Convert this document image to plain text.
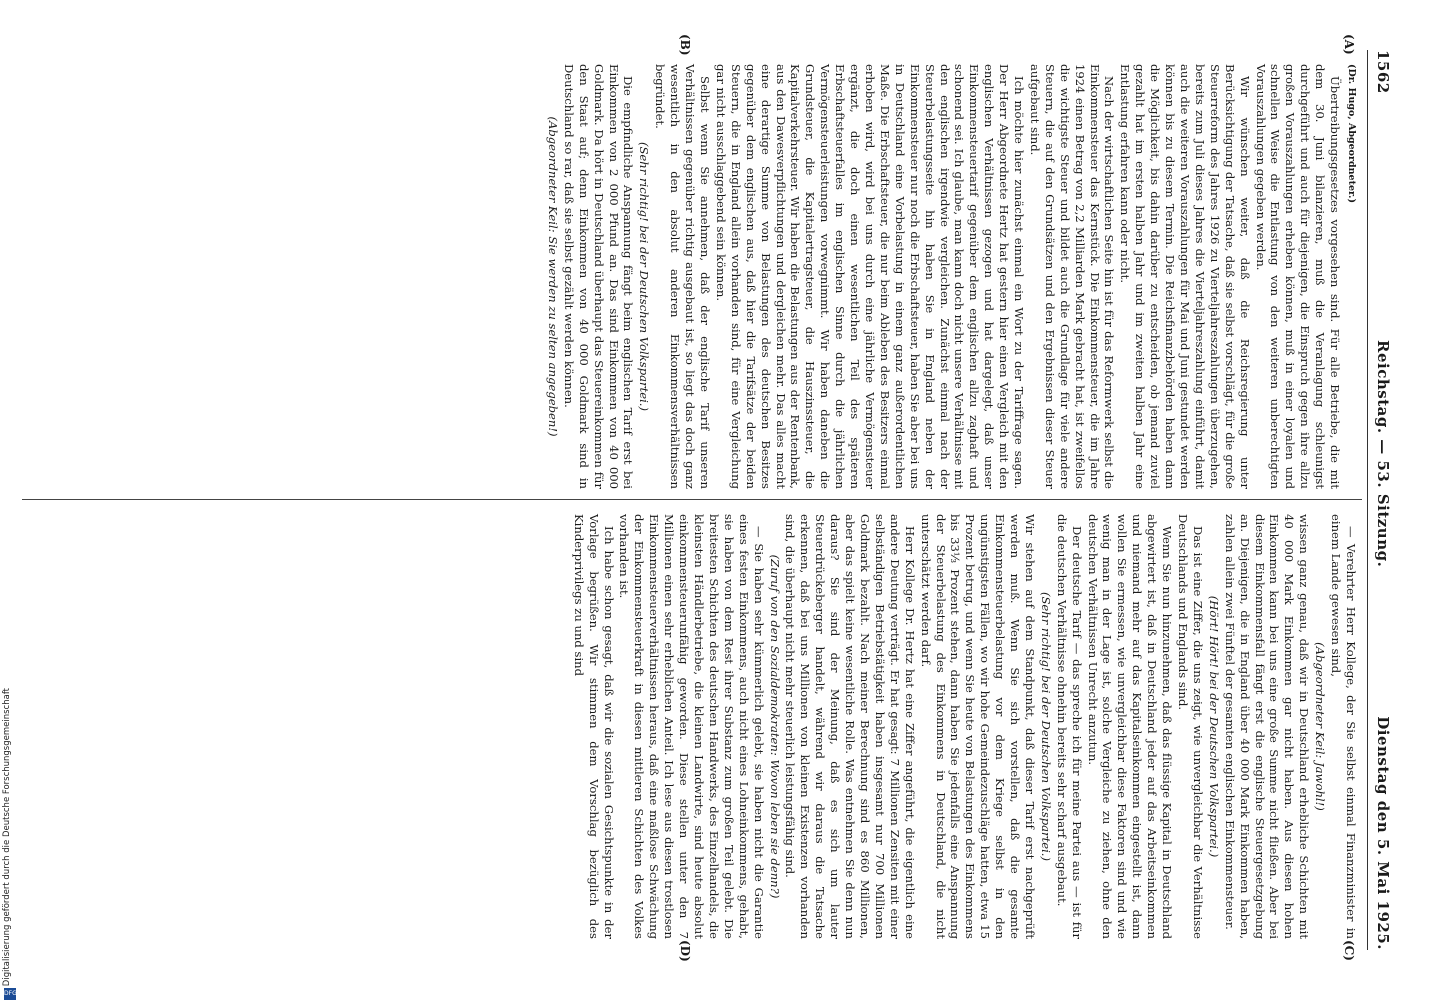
1562
Reichstag. — 53. Sitzung.
Dienstag den 5. Mai 1925.
(A)
(B)
(C)
(D)

(Dr. Hugo, Abgeordneter.)

Übertreibungsgesetzes vorgesehen sind. Für alle Betriebe, die mit dem 30. Juni bilanzieren, muß die Veranlagung schleunigst durchgeführt und auch für diejenigen, die Einspruch gegen ihre allzu großen Vorauszahlungen erheben können, muß in einer loyalen und schnellen Weise die Entlastung von den weiteren unberechtigten Vorauszahlungen gegeben werden.

Wir wünschen weiter, daß die Reichsregierung unter Berücksichtigung der Tatsache, daß sie selbst vorschlägt, für die große Steuerreform des Jahres 1926 zu Vierteljahreszahlungen überzugehen, bereits zum Juli dieses Jahres die Vierteljahreszahlung einführt, damit auch die weiteren Vorauszahlungen für Mai und Juni gestundet werden können bis zu diesem Termin. Die Reichsfinanzbehörden haben dann die Möglichkeit, bis dahin darüber zu entscheiden, ob jemand zuviel gezahlt hat im ersten halben Jahr und im zweiten halben Jahr eine Entlastung erfahren kann oder nicht.

Nach der wirtschaftlichen Seite hin ist für das Reformwerk selbst die Einkommensteuer das Kernstück. Die Einkommensteuer, die im Jahre 1924 einen Betrag von 2,2 Milliarden Mark gebracht hat, ist zweifellos die wichtigste Steuer und bildet auch die Grundlage für viele andere Steuern, die auf den Grundsätzen und den Ergebnissen dieser Steuer aufgebaut sind.

Ich möchte hier zunächst einmal ein Wort zu der Tariffrage sagen. Der Herr Abgeordnete Hertz hat gestern hier einen Vergleich mit den englischen Verhältnissen gezogen und hat dargelegt, daß unser Einkommensteuertarif gegenüber dem englischen allzu zaghaft und schonend sei. Ich glaube, man kann doch nicht unsere Verhältnisse mit den englischen irgendwie vergleichen. Zunächst einmal nach der Steuerbelastungsseite hin haben Sie in England neben der Einkommensteuer nur noch die Erbschaftsteuer, haben Sie aber bei uns in Deutschland eine Vorbelastung in einem ganz außerordentlichen Maße. Die Erbschaftsteuer, die nur beim Ableben des Besitzers einmal erhoben wird, wird bei uns durch eine jährliche Vermögensteuer ergänzt, die doch einen wesentlichen Teil des späteren Erbschaftsteuerfalles im englischen Sinne durch die jährlichen Vermögensteuerleistungen vorwegnimmt. Wir haben daneben die Grundsteuer, die Kapitalertragsteuer, die Hauszinssteuer, die Kapitalverkehrsteuer. Wir haben die Belastungen aus der Rentenbank, aus den Dawesverpflichtungen und dergleichen mehr. Das alles macht eine derartige Summe von Belastungen des deutschen Besitzes gegenüber dem englischen aus, daß hier die Tarifsätze der beiden Steuern, die in England allein vorhanden sind, für eine Vergleichung gar nicht ausschlaggebend sein können.

Selbst wenn Sie annehmen, daß der englische Tarif unseren Verhältnissen gegenüber richtig ausgebaut ist, so liegt das doch ganz wesentlich in den absolut anderen Einkommensverhältnissen begründet.

(Sehr richtig! bei der Deutschen Volkspartei.)

Die empfindliche Anspannung fängt beim englischen Tarif erst bei Einkommen von 2 000 Pfund an. Das sind Einkommen von 40 000 Goldmark. Da hört in Deutschland überhaupt das Steuereinkommen für den Staat auf; denn Einkommen von 40 000 Goldmark sind in Deutschland so rar, daß sie selbst gezählt werden können.

(Abgeordneter Keil: Sie werden zu selten angegeben!)

— Verehrter Herr Kollege, der Sie selbst einmal Finanzminister in einem Lande gewesen sind,

(Abgeordneter Keil: Jawohl!)

wissen ganz genau, daß wir in Deutschland erhebliche Schichten mit 40 000 Mark Einkommen gar nicht haben. Aus diesen hohen Einkommen kann bei uns eine große Summe nicht fließen. Aber bei diesem Einkommensfall fängt erst die englische Steuergesetzgebung an. Diejenigen, die in England über 40 000 Mark Einkommen haben, zahlen allein zwei Fünftel der gesamten englischen Einkommensteuer.

(Hört! Hört! bei der Deutschen Volkspartei.)

Das ist eine Ziffer, die uns zeigt, wie unvergleichbar die Verhältnisse Deutschlands und Englands sind.

Wenn Sie nun hinzunehmen, daß das flüssige Kapital in Deutschland abgewirtert ist, daß in Deutschland jeder auf das Arbeitseinkommen und niemand mehr auf das Kapitalseinkommen eingestellt ist, dann wollen Sie ermessen, wie unvergleichbar diese Faktoren sind und wie wenig man in der Lage ist, solche Vergleiche zu ziehen, ohne den deutschen Verhältnissen Unrecht anzutun.

Der deutsche Tarif — das spreche ich für meine Partei aus — ist für die deutschen Verhältnisse ohnehin bereits sehr scharf ausgebaut.

(Sehr richtig! bei der Deutschen Volkspartei.)

Wir stehen auf dem Standpunkt, daß dieser Tarif erst nachgeprüft werden muß. Wenn Sie sich vorstellen, daß die gesamte Einkommensteuerbelastung vor dem Kriege selbst in den ungünstigsten Fällen, wo wir hohe Gemeindezuschläge hatten, etwa 15 Prozent betrug, und wenn Sie heute von Belastungen des Einkommens bis 33⅓ Prozent stehen, dann haben Sie jedenfalls eine Anspannung der Steuerbelastung des Einkommens in Deutschland, die nicht unterschätzt werden darf.

Herr Kollege Dr. Hertz hat eine Ziffer angeführt, die eigentlich eine andere Deutung verträgt. Er hat gesagt: 7 Millionen Zensiten mit einer selbständigen Betriebstätigkeit haben insgesamt nur 700 Millionen Goldmark bezahlt. Nach meiner Berechnung sind es 860 Millionen, aber das spielt keine wesentliche Rolle. Was entnehmen Sie denn nun daraus? Sie sind der Meinung, daß es sich um lauter Steuerdrückeberger handelt, während wir daraus die Tatsache erkennen, daß bei uns Millionen von kleinen Existenzen vorhanden sind, die überhaupt nicht mehr steuerlich leistungsfähig sind.

(Zuruf von den Sozialdemokraten: Wovon leben sie denn?)

— Sie haben sehr kümmerlich gelebt, sie haben nicht die Garantie eines festen Einkommens, auch nicht eines Lohneinkommens, gehabt, sie haben von dem Rest ihrer Substanz zum großen Teil gelebt. Die breitesten Schichten des deutschen Handwerks, des Einzelhandels, die kleinsten Händlerbetriebe, die kleinen Landwirte, sind heute absolut einkommensteuerunfähig geworden. Diese stellen unter den 7 Millionen einen sehr erheblichen Anteil. Ich lese aus diesen trostlosen Einkommensteuerverhältnissen heraus, daß eine maßlose Schwächung der Einkommensteuerkraft in diesen mittleren Schichten des Volkes vorhanden ist.

Ich habe schon gesagt, daß wir die sozialen Gesichtspunkte in der Vorlage begrüßen. Wir stimmen dem Vorschlag bezüglich des Kinderprivilegs zu und sind

Digitalisierung gefördert durch die Deutsche Forschungsgemeinschaft
DFG
